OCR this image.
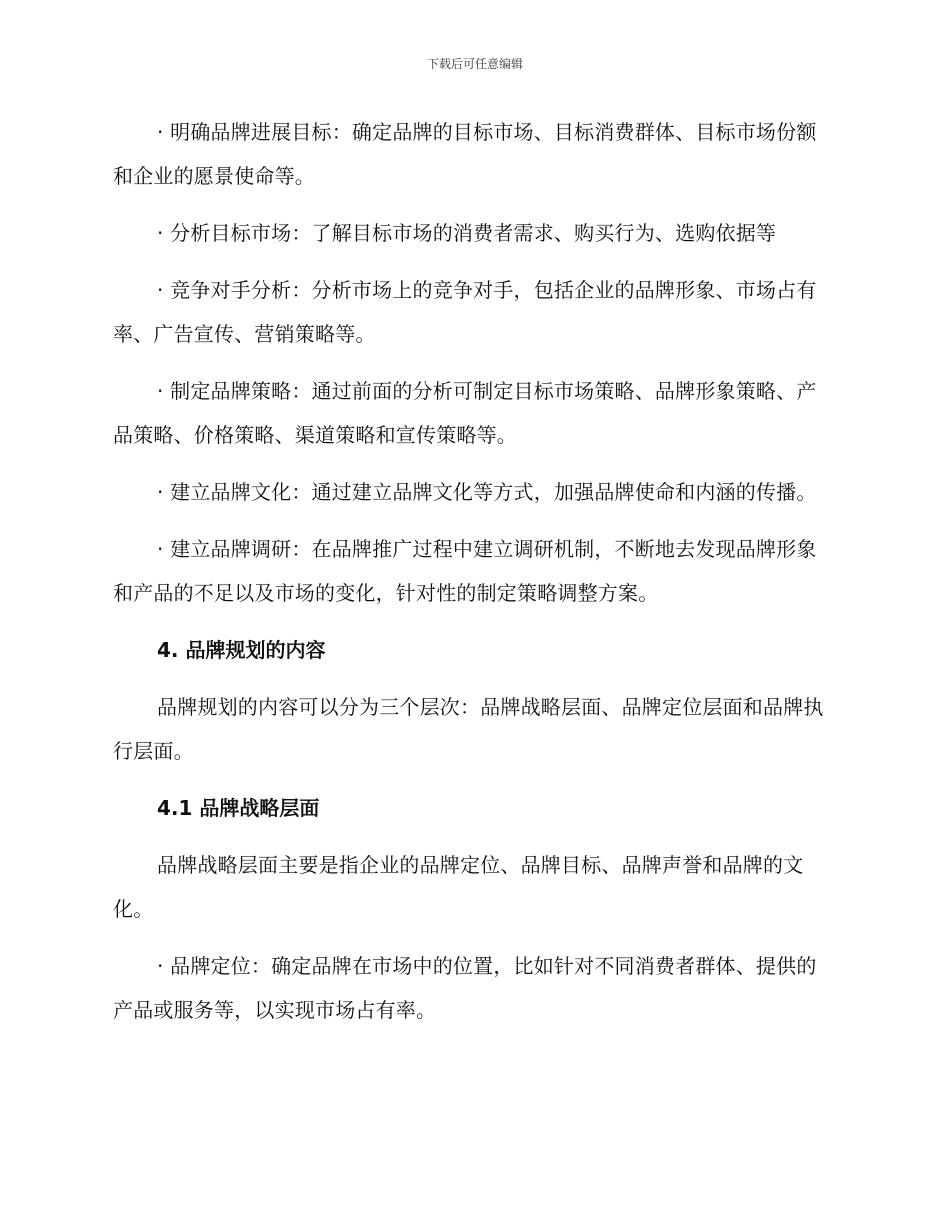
下载后可任意编辑

· 明确品牌进展目标：确定品牌的目标市场、目标消费群体、目标市场份额和企业的愿景使命等。

· 分析目标市场：了解目标市场的消费者需求、购买行为、选购依据等

· 竞争对手分析：分析市场上的竞争对手，包括企业的品牌形象、市场占有率、广告宣传、营销策略等。

· 制定品牌策略：通过前面的分析可制定目标市场策略、品牌形象策略、产品策略、价格策略、渠道策略和宣传策略等。

· 建立品牌文化：通过建立品牌文化等方式，加强品牌使命和内涵的传播。

· 建立品牌调研：在品牌推广过程中建立调研机制，不断地去发现品牌形象和产品的不足以及市场的变化，针对性的制定策略调整方案。

4. 品牌规划的内容

品牌规划的内容可以分为三个层次：品牌战略层面、品牌定位层面和品牌执行层面。

4.1 品牌战略层面

品牌战略层面主要是指企业的品牌定位、品牌目标、品牌声誉和品牌的文化。

· 品牌定位：确定品牌在市场中的位置，比如针对不同消费者群体、提供的产品或服务等，以实现市场占有率。
